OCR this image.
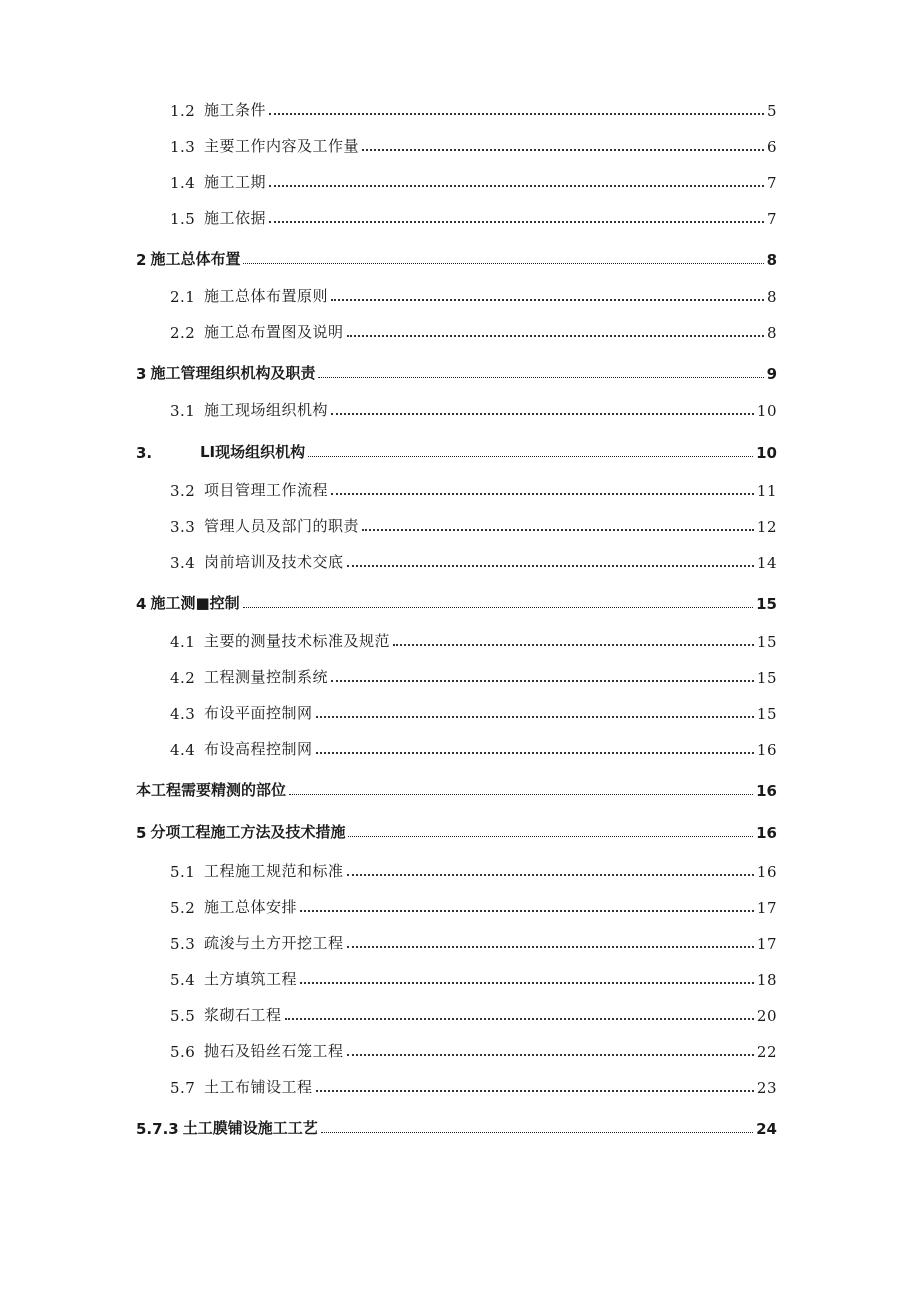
1.2 施工条件	5
1.3 主要工作内容及工作量	6
1.4 施工工期	7
1.5 施工依据	7
2 施工总体布置	8
2.1 施工总体布置原则	8
2.2 施工总布置图及说明	8
3 施工管理组织机构及职责	9
3.1 施工现场组织机构	10
3.	LI现场组织机构	10
3.2 项目管理工作流程	11
3.3 管理人员及部门的职责	12
3.4 岗前培训及技术交底	14
4 施工测■控制	15
4.1 主要的测量技术标准及规范	15
4.2 工程测量控制系统	15
4.3 布设平面控制网	15
4.4 布设高程控制网	16
本工程需要精测的部位	16
5 分项工程施工方法及技术措施	16
5.1 工程施工规范和标准	16
5.2 施工总体安排	17
5.3 疏浚与土方开挖工程	17
5.4 土方填筑工程	18
5.5 浆砌石工程	20
5.6 抛石及铅丝石笼工程	22
5.7 土工布铺设工程	23
5.7.3 土工膜铺设施工工艺	24
